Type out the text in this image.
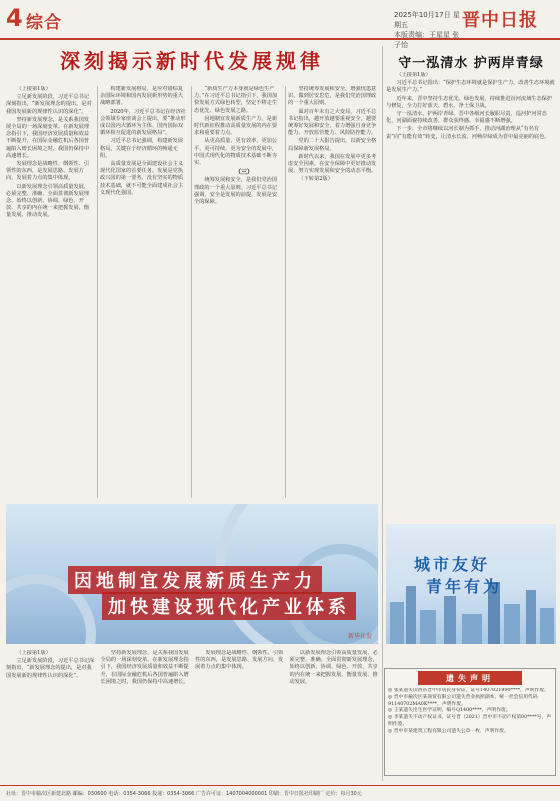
4 综合	2025年10月17日 星期五
本版责编：王星星 张子怡
晋中日报
深刻揭示新时代发展规律

（上接第1版）

立足新发展阶段，习近平总书记深刻指出，“新发展理念的提出，是对我国发展新的规律性认识的深化”。

坚持新发展理念，是关系我国发展全局的一场深刻变革。在新发展理念指引下，我国经济发展质量和效益不断提升，在国际金融危机后各国普遍陷入增长困境之时，我国仍保持中高速增长。

发展理念是战略性、纲领性、引领性的东西，是发展思路、发展方向、发展着力点的集中体现。

以新发展理念引领高质量发展，必须完整、准确、全面贯彻新发展理念，始终以创新、协调、绿色、开放、共享的内在统一来把握发展、衡量发展、推动发展。

构建新发展格局，是应对错综复杂国际环境和国内发展新形势的重大战略部署。

2020年，习近平总书记在经济社会领域专家座谈会上提出，要“推动形成以国内大循环为主体、国内国际双循环相互促进的新发展格局”。

习近平总书记强调，构建新发展格局，关键在于经济循环的畅通无阻。

高质量发展是全面建设社会主义现代化国家的首要任务。发展是党执政兴国的第一要务，没有坚实的物质技术基础，就不可能全面建成社会主义现代化强国。

“新质生产力本身就是绿色生产力。”在习近平总书记指引下，我国加快发展方式绿色转型，坚定不移走生态优先、绿色发展之路。

因地制宜发展新质生产力，是新时代新征程推动高质量发展的内在要求和重要着力点。

从更高质量、更有效率、更加公平、更可持续、更为安全的发展中，中国式现代化的物质技术基础不断夯实。

（三）

统筹发展和安全，是我们党治国理政的一个重大原则。习近平总书记强调，安全是发展的前提，发展是安全的保障。

坚持统筹发展和安全，增强忧患意识，做到居安思危，是我们党治国理政的一个重大原则。

面对百年未有之大变局，习近平总书记指出，越开放越要重视安全，越要统筹好发展和安全，着力增强自身竞争能力、开放监管能力、风险防控能力。

党的二十大报告提出，以新安全格局保障新发展格局。

新时代以来，我国在发展中更多考虑安全因素，在安全保障中更好推动发展，努力实现发展和安全的动态平衡。

（下转第2版）

守一泓清水 护两岸青绿

（上接第1版）

习近平总书记指出：“保护生态环境就是保护生产力，改善生态环境就是发展生产力。”

近年来，晋中坚持生态优先、绿色发展，持续推进汾河流域生态保护与修复，全力打好蓝天、碧水、净土保卫战。

守一泓清水，护两岸青绿。晋中各级河长履职尽责，巡河护河常态化，河湖面貌持续改善，群众获得感、幸福感不断增强。

下一步，全市将继续以河长制为抓手，推动河湖治理从“有名有责”向“有能有效”转变，让清水长流、河畅岸绿成为晋中最亮丽的底色。

城市友好
青年有为
因地制宜发展新质生产力
加快建设现代化产业体系
新华社发

（上接第1版）

立足新发展阶段，习近平总书记深刻指出，“新发展理念的提出，是对我国发展新的规律性认识的深化”。

坚持新发展理念，是关系我国发展全局的一场深刻变革。在新发展理念指引下，我国经济发展质量和效益不断提升，在国际金融危机后各国普遍陷入增长困境之时，我国仍保持中高速增长。

发展理念是战略性、纲领性、引领性的东西，是发展思路、发展方向、发展着力点的集中体现。

以新发展理念引领高质量发展，必须完整、准确、全面贯彻新发展理念，始终以创新、协调、绿色、开放、共享的内在统一来把握发展、衡量发展、推动发展。	遗失声明

◎ 张某遗失山西省晋中市居民身份证，证号1407021990****，声明作废。

◎ 晋中市榆次区某商贸有限公司遗失营业执照副本，统一社会信用代码91140702MA0K****，声明作废。

◎ 王某遗失出生医学证明，编号Q1400****，声明作废。

◎ 李某遗失不动产权证书，证号晋（2021）晋中市不动产权第00****号，声明作废。

◎ 晋中市某建筑工程有限公司遗失公章一枚，声明作废。

社址：晋中市榆次区新建北路 邮编：030600 电话：0354-3066 投递：0354-3066 广告许可证：1407004000001 印刷：晋中日报社印刷厂 定价：每月30元
